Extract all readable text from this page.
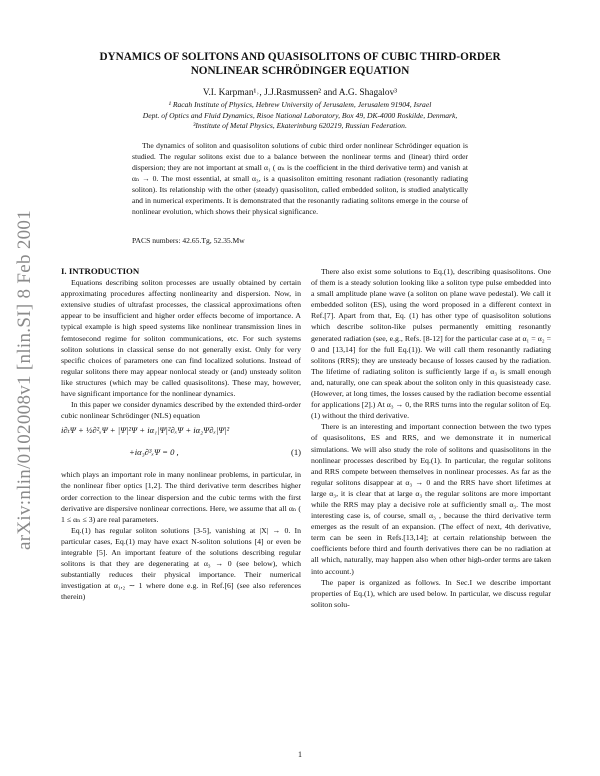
arXiv:nlin/0102008v1 [nlin.SI] 8 Feb 2001
DYNAMICS OF SOLITONS AND QUASISOLITONS OF CUBIC THIRD-ORDER
NONLINEAR SCHRÖDINGER EQUATION
V.I. Karpman¹˒, J.J.Rasmussen² and A.G. Shagalov³
¹ Racah Institute of Physics, Hebrew University of Jerusalem, Jerusalem 91904, Israel
Dept. of Optics and Fluid Dynamics, Risoe National Laboratory, Box 49, DK-4000 Roskilde, Denmark,
³Institute of Metal Physics, Ekaterinburg 620219, Russian Federation.

The dynamics of soliton and quasisoliton solutions of cubic third order nonlinear Schrödinger equation is studied. The regular solitons exist due to a balance between the nonlinear terms and (linear) third order dispersion; they are not important at small α₁ ( αₙ is the coefficient in the third derivative term) and vanish at αₙ → 0. The most essential, at small α₃, is a quasisoliton emitting resonant radiation (resonantly radiating soliton). Its relationship with the other (steady) quasisoliton, called embedded soliton, is studied analytically and in numerical experiments. It is demonstrated that the resonantly radiating solitons emerge in the course of nonlinear evolution, which shows their physical significance.

PACS numbers: 42.65.Tg, 52.35.Mw

I. INTRODUCTION

Equations describing soliton processes are usually obtained by certain approximating procedures affecting nonlinearity and dispersion. Now, in extensive studies of ultrafast processes, the classical approximations often appear to be insufficient and higher order effects become of importance. A typical example is high speed systems like nonlinear transmission lines in femtosecond regime for soliton communications, etc. For such systems soliton solutions in classical sense do not generally exist. Only for very specific choices of parameters one can find localized solutions. Instead of regular solitons there may appear nonlocal steady or (and) unsteady soliton like structures (which may be called quasisolitons). These may, however, have significant importance for the nonlinear dynamics.

In this paper we consider dynamics described by the extended third-order cubic nonlinear Schrödinger (NLS) equation

i∂ₜΨ + ½∂²ₓΨ + |Ψ|²Ψ + iα₁|Ψ|²∂ₓΨ + iα₂Ψ∂ₓ|Ψ|²
+iα₃∂³ₓΨ = 0 ,	(1)

which plays an important role in many nonlinear problems, in particular, in the nonlinear fiber optics [1,2]. The third derivative term describes higher order correction to the linear dispersion and the cubic terms with the first derivative are dispersive nonlinear corrections. Here, we assume that all αₙ ( 1 ≤ αₙ ≤ 3) are real parameters.

Eq.(1) has regular soliton solutions [3-5], vanishing at |X| → 0. In particular cases, Eq.(1) may have exact N-soliton solutions [4] or even be integrable [5]. An important feature of the solutions describing regular solitons is that they are degenerating at α₃ → 0 (see below), which substantially reduces their physical importance. Their numerical investigation at α₁,₂ ∼ 1 where done e.g. in Ref.[6] (see also references therein)

There also exist some solutions to Eq.(1), describing quasisolitons. One of them is a steady solution looking like a soliton type pulse embedded into a small amplitude plane wave (a soliton on plane wave pedestal). We call it embedded soliton (ES), using the word proposed in a different context in Ref.[7]. Apart from that, Eq. (1) has other type of quasisoliton solutions which describe soliton-like pulses permanently emitting resonantly generated radiation (see, e.g., Refs. [8-12] for the particular case at α₁ = α₂ = 0 and [13,14] for the full Eq.(1)). We will call them resonantly radiating solitons (RRS); they are unsteady because of losses caused by the radiation. The lifetime of radiating soliton is sufficiently large if α₃ is small enough and, naturally, one can speak about the soliton only in this quasisteady case. (However, at long times, the losses caused by the radiation become essential for applications [2].) At α₃ → 0, the RRS turns into the regular soliton of Eq.(1) without the third derivative.

There is an interesting and important connection between the two types of quasisolitons, ES and RRS, and we demonstrate it in numerical simulations. We will also study the role of solitons and quasisolitons in the nonlinear processes described by Eq.(1). In particular, the regular solitons and RRS compete between themselves in nonlinear processes. As far as the regular solitons disappear at α₃ → 0 and the RRS have short lifetimes at large α₃, it is clear that at large α₃ the regular solitons are more important while the RRS may play a decisive role at sufficiently small α₃. The most interesting case is, of course, small α₃ , because the third derivative term emerges as the result of an expansion. (The effect of next, 4th derivative, term can be seen in Refs.[13,14]; at certain relationship between the coefficients before third and fourth derivatives there can be no radiation at all which, naturally, may happen also when other high-order terms are taken into account.)

The paper is organized as follows. In Sec.I we describe important properties of Eq.(1), which are used below. In particular, we discuss regular soliton solu-

1
